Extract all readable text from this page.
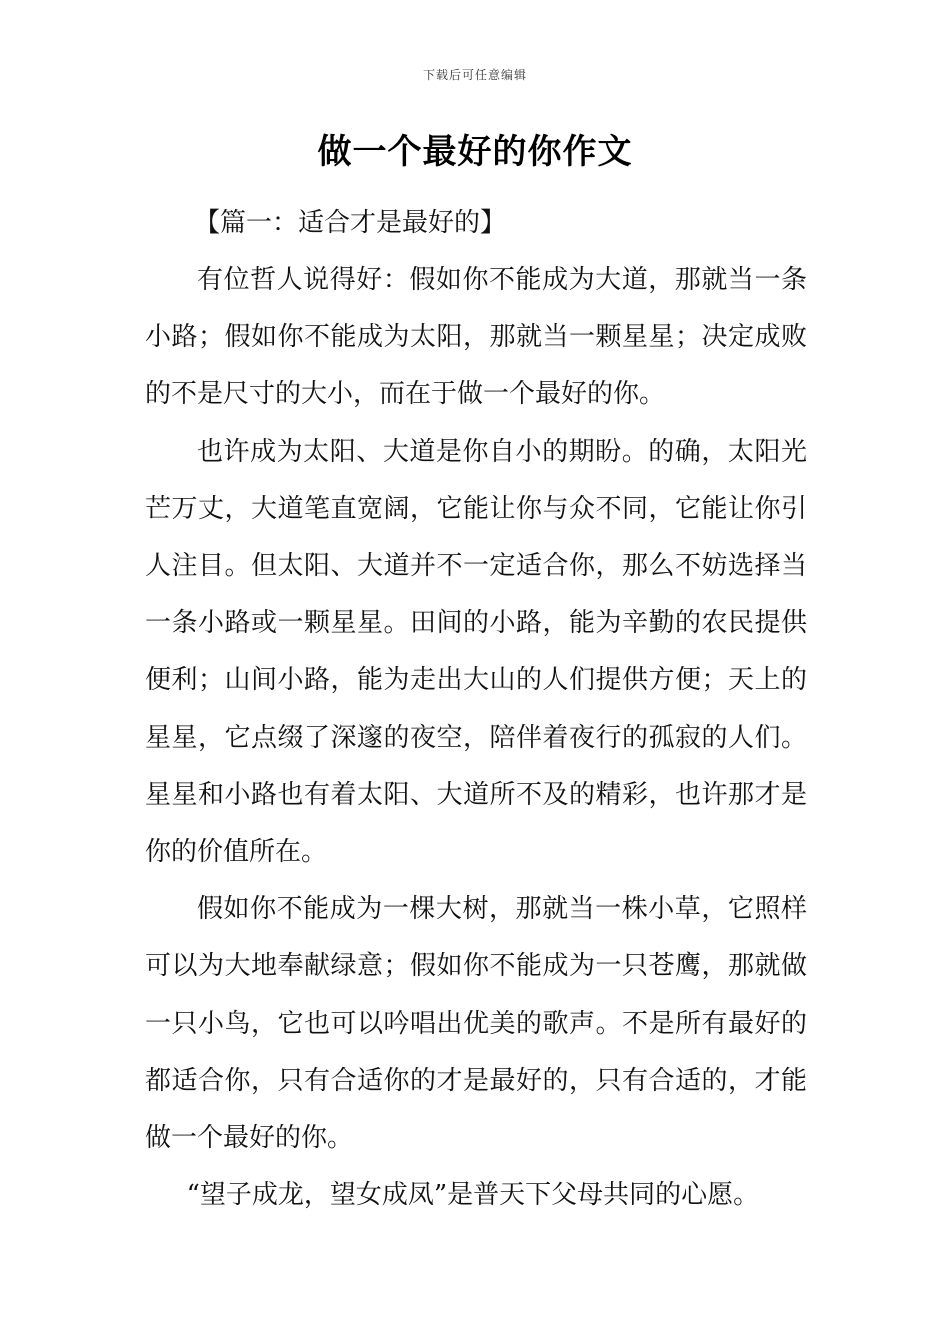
下载后可任意编辑
做一个最好的你作文
【篇一：适合才是最好的】

有位哲人说得好：假如你不能成为大道，那就当一条小路；假如你不能成为太阳，那就当一颗星星；决定成败的不是尺寸的大小，而在于做一个最好的你。

也许成为太阳、大道是你自小的期盼。的确，太阳光芒万丈，大道笔直宽阔，它能让你与众不同，它能让你引人注目。但太阳、大道并不一定适合你，那么不妨选择当一条小路或一颗星星。田间的小路，能为辛勤的农民提供便利；山间小路，能为走出大山的人们提供方便；天上的星星，它点缀了深邃的夜空，陪伴着夜行的孤寂的人们。星星和小路也有着太阳、大道所不及的精彩，也许那才是你的价值所在。

假如你不能成为一棵大树，那就当一株小草，它照样可以为大地奉献绿意；假如你不能成为一只苍鹰，那就做一只小鸟，它也可以吟唱出优美的歌声。不是所有最好的都适合你，只有合适你的才是最好的，只有合适的，才能做一个最好的你。

“望子成龙，望女成凤”是普天下父母共同的心愿。
